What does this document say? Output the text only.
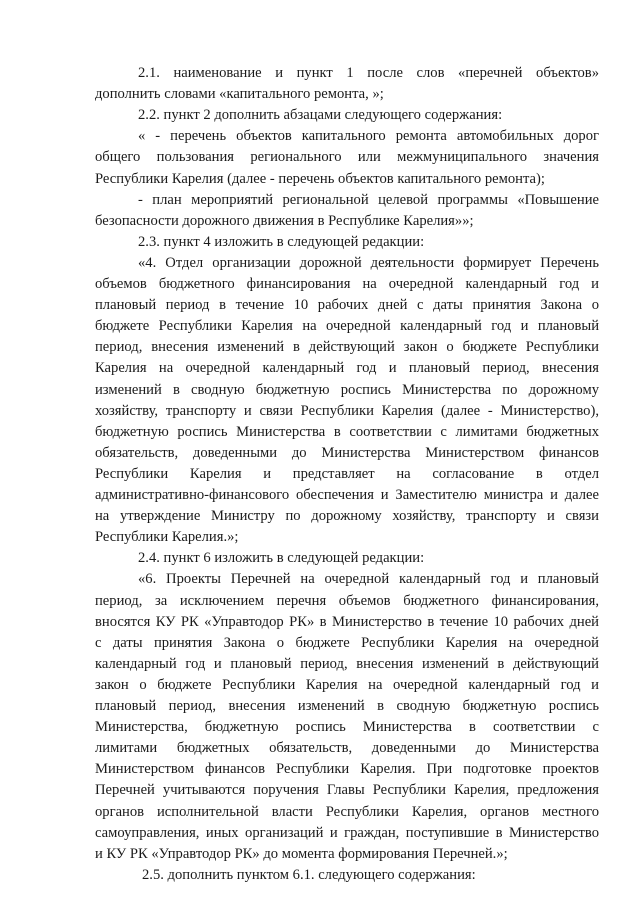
2.1. наименование и пункт 1 после слов «перечней объектов»
дополнить словами «капитального ремонта, »;
2.2. пункт 2 дополнить абзацами следующего содержания:
« - перечень объектов капитального ремонта автомобильных дорог
общего пользования регионального или межмуниципального значения
Республики Карелия (далее - перечень объектов капитального ремонта);
- план мероприятий региональной целевой программы «Повышение
безопасности дорожного движения в Республике Карелия»»;
2.3. пункт 4 изложить в следующей редакции:
«4. Отдел организации дорожной деятельности формирует Перечень
объемов бюджетного финансирования на очередной календарный год и
плановый период в течение 10 рабочих дней с даты принятия Закона о
бюджете Республики Карелия на очередной календарный год и плановый
период, внесения изменений в действующий закон о бюджете Республики
Карелия на очередной календарный год и плановый период, внесения
изменений в сводную бюджетную роспись Министерства по дорожному
хозяйству, транспорту и связи Республики Карелия (далее - Министерство),
бюджетную роспись Министерства в соответствии с лимитами бюджетных
обязательств, доведенными до Министерства Министерством финансов
Республики Карелия и представляет на согласование в отдел
административно-финансового обеспечения и Заместителю министра и далее
на утверждение Министру по дорожному хозяйству, транспорту и связи
Республики Карелия.»;
2.4. пункт 6 изложить в следующей редакции:
«6. Проекты Перечней на очередной календарный год и плановый
период, за исключением перечня объемов бюджетного финансирования,
вносятся КУ РК «Управтодор РК» в Министерство в течение 10 рабочих дней
с даты принятия Закона о бюджете Республики Карелия на очередной
календарный год и плановый период, внесения изменений в действующий
закон о бюджете Республики Карелия на очередной календарный год и
плановый период, внесения изменений в сводную бюджетную роспись
Министерства, бюджетную роспись Министерства в соответствии с
лимитами бюджетных обязательств, доведенными до Министерства
Министерством финансов Республики Карелия. При подготовке проектов
Перечней учитываются поручения Главы Республики Карелия, предложения
органов исполнительной власти Республики Карелия, органов местного
самоуправления, иных организаций и граждан, поступившие в Министерство
и КУ РК «Управтодор РК» до момента формирования Перечней.»;
2.5. дополнить пунктом 6.1. следующего содержания:
